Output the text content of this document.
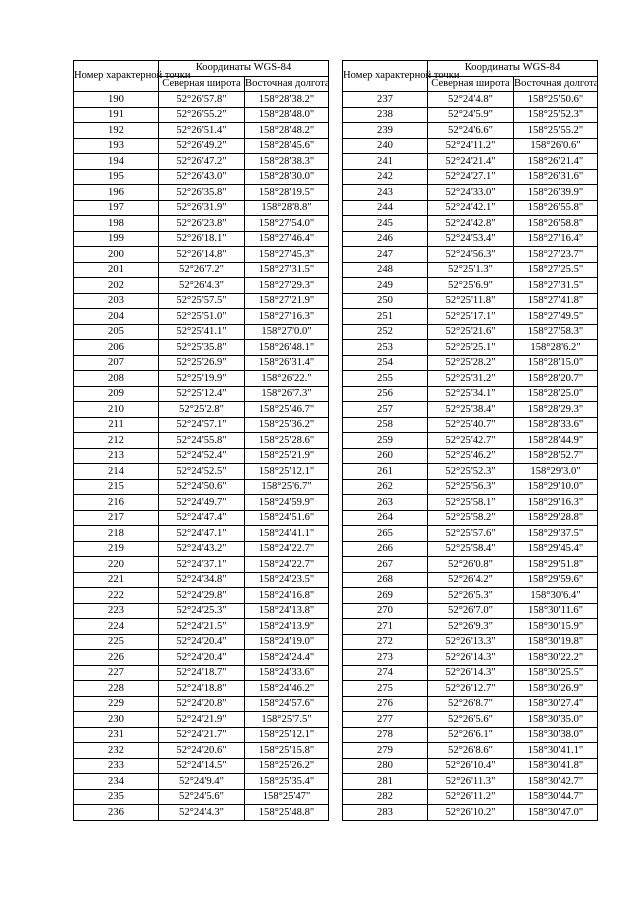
Номер характерной точки	Координаты WGS-84	
	Северная широта	Восточная долгота
190	52°26'57.8"	158°28'38.2"
191	52°26'55.2"	158°28'48.0"
192	52°26'51.4"	158°28'48.2"
193	52°26'49.2"	158°28'45.6"
194	52°26'47.2"	158°28'38.3"
195	52°26'43.0"	158°28'30.0"
196	52°26'35.8"	158°28'19.5"
197	52°26'31.9"	158°28'8.8"
198	52°26'23.8"	158°27'54.0"
199	52°26'18.1"	158°27'46.4"
200	52°26'14.8"	158°27'45.3"
201	52°26'7.2"	158°27'31.5"
202	52°26'4.3"	158°27'29.3"
203	52°25'57.5"	158°27'21.9"
204	52°25'51.0"	158°27'16.3"
205	52°25'41.1"	158°27'0.0"
206	52°25'35.8"	158°26'48.1"
207	52°25'26.9"	158°26'31.4"
208	52°25'19.9"	158°26'22."
209	52°25'12.4"	158°26'7.3"
210	52°25'2.8"	158°25'46.7"
211	52°24'57.1"	158°25'36.2"
212	52°24'55.8"	158°25'28.6"
213	52°24'52.4"	158°25'21.9"
214	52°24'52.5"	158°25'12.1"
215	52°24'50.6"	158°25'6.7"
216	52°24'49.7"	158°24'59.9"
217	52°24'47.4"	158°24'51.6"
218	52°24'47.1"	158°24'41.1"
219	52°24'43.2"	158°24'22.7"
220	52°24'37.1"	158°24'22.7"
221	52°24'34.8"	158°24'23.5"
222	52°24'29.8"	158°24'16.8"
223	52°24'25.3"	158°24'13.8"
224	52°24'21.5"	158°24'13.9"
225	52°24'20.4"	158°24'19.0"
226	52°24'20.4"	158°24'24.4"
227	52°24'18.7"	158°24'33.6"
228	52°24'18.8"	158°24'46.2"
229	52°24'20.8"	158°24'57.6"
230	52°24'21.9"	158°25'7.5"
231	52°24'21.7"	158°25'12.1"
232	52°24'20.6"	158°25'15.8"
233	52°24'14.5"	158°25'26.2"
234	52°24'9.4"	158°25'35.4"
235	52°24'5.6"	158°25'47"
236	52°24'4.3"	158°25'48.8"
Номер характерной точки	Координаты WGS-84	
	Северная широта	Восточная долгота
237	52°24'4.8"	158°25'50.6"
238	52°24'5.9"	158°25'52.3"
239	52°24'6.6"	158°25'55.2"
240	52°24'11.2"	158°26'0.6"
241	52°24'21.4"	158°26'21.4"
242	52°24'27.1"	158°26'31.6"
243	52°24'33.0"	158°26'39.9"
244	52°24'42.1"	158°26'55.8"
245	52°24'42.8"	158°26'58.8"
246	52°24'53.4"	158°27'16.4"
247	52°24'56.3"	158°27'23.7"
248	52°25'1.3"	158°27'25.5"
249	52°25'6.9"	158°27'31.5"
250	52°25'11.8"	158°27'41.8"
251	52°25'17.1"	158°27'49.5"
252	52°25'21.6"	158°27'58.3"
253	52°25'25.1"	158°28'6.2"
254	52°25'28.2"	158°28'15.0"
255	52°25'31.2"	158°28'20.7"
256	52°25'34.1"	158°28'25.0"
257	52°25'38.4"	158°28'29.3"
258	52°25'40.7"	158°28'33.6"
259	52°25'42.7"	158°28'44.9"
260	52°25'46.2"	158°28'52.7"
261	52°25'52.3"	158°29'3.0"
262	52°25'56.3"	158°29'10.0"
263	52°25'58.1"	158°29'16.3"
264	52°25'58.2"	158°29'28.8"
265	52°25'57.6"	158°29'37.5"
266	52°25'58.4"	158°29'45.4"
267	52°26'0.8"	158°29'51.8"
268	52°26'4.2"	158°29'59.6"
269	52°26'5.3"	158°30'6.4"
270	52°26'7.0"	158°30'11.6"
271	52°26'9.3"	158°30'15.9"
272	52°26'13.3"	158°30'19.8"
273	52°26'14.3"	158°30'22.2"
274	52°26'14.3"	158°30'25.5"
275	52°26'12.7"	158°30'26.9"
276	52°26'8.7"	158°30'27.4"
277	52°26'5.6"	158°30'35.0"
278	52°26'6.1"	158°30'38.0"
279	52°26'8.6"	158°30'41.1"
280	52°26'10.4"	158°30'41.8"
281	52°26'11.3"	158°30'42.7"
282	52°26'11.2"	158°30'44.7"
283	52°26'10.2"	158°30'47.0"
